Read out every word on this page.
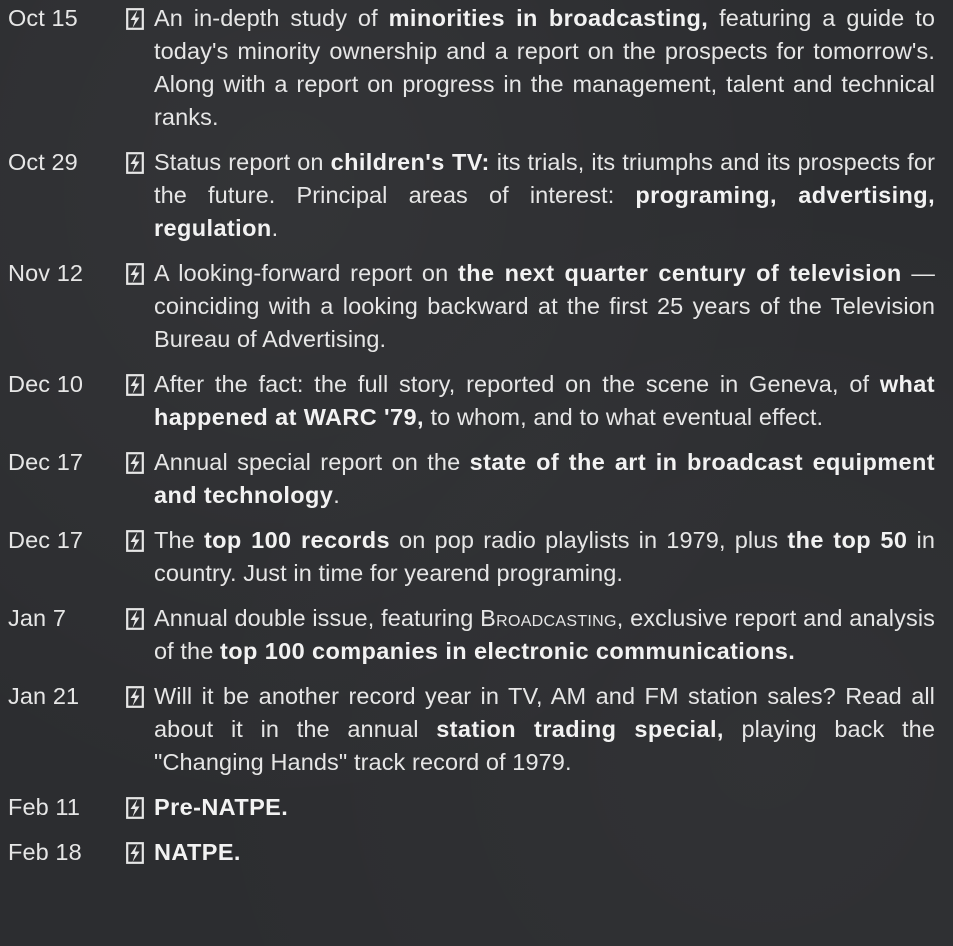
Oct 15	An in-depth study of minorities in broadcasting, featuring a guide to today's minority ownership and a report on the prospects for tomorrow's. Along with a report on progress in the management, talent and technical ranks.
Oct 29	Status report on children's TV: its trials, its triumphs and its prospects for the future. Principal areas of interest: programing, advertising, regulation.
Nov 12	A looking-forward report on the next quarter century of television — coinciding with a looking backward at the first 25 years of the Television Bureau of Advertising.
Dec 10	After the fact: the full story, reported on the scene in Geneva, of what happened at WARC '79, to whom, and to what eventual effect.
Dec 17	Annual special report on the state of the art in broadcast equipment and technology.
Dec 17	The top 100 records on pop radio playlists in 1979, plus the top 50 in country. Just in time for yearend programing.
Jan 7	Annual double issue, featuring Broadcasting, exclusive report and analysis of the top 100 companies in electronic communications.
Jan 21	Will it be another record year in TV, AM and FM station sales? Read all about it in the annual station trading special, playing back the "Changing Hands" track record of 1979.
Feb 11	Pre-NATPE.
Feb 18	NATPE.
